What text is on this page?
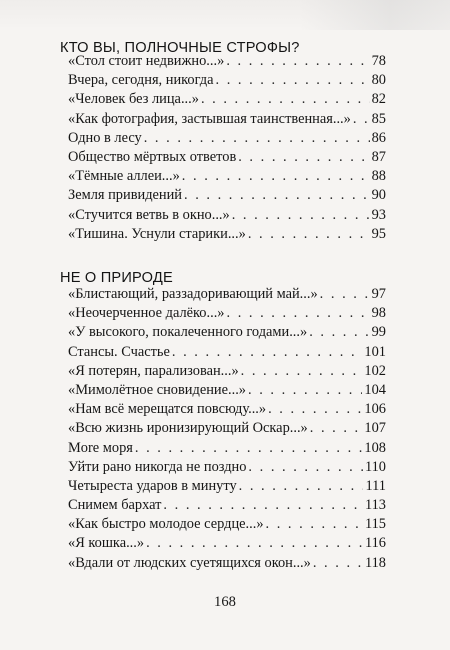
КТО ВЫ, ПОЛНОЧНЫЕ СТРОФЫ?
«Стол стоит недвижно...» . . .	78
Вчера, сегодня, никогда . . .	80
«Человек без лица...» . . .	82
«Как фотография, застывшая таинственная...» . . . 85
Одно в лесу . . .	86
Общество мёртвых ответов . . .	87
«Тёмные аллеи...» . . .	88
Земля привидений . . .	90
«Стучится ветвь в окно...» . . .	93
«Тишина. Уснули старики...» . . .	95
НЕ О ПРИРОДЕ
«Блистающий, раззадоривающий май...» . . .	97
«Неочерченное далёко...» . . .	98
«У высокого, покалеченного годами...» . . .	99
Стансы. Счастье . . .	101
«Я потерян, парализован...» . . .	102
«Мимолётное сновидение...» . . .	104
«Нам всё мерещатся повсюду...» . . .	106
«Всю жизнь иронизирующий Оскар...» . . .	107
Мore моря . . .	108
Уйти рано никогда не поздно . . .	110
Четыреста ударов в минуту . . .	111
Снимем бархат . . .	113
«Как быстро молодое сердце...» . . .	115
«Я кошка...» . . .	116
«Вдали от людских суетящихся окон...» . . .	118
168
